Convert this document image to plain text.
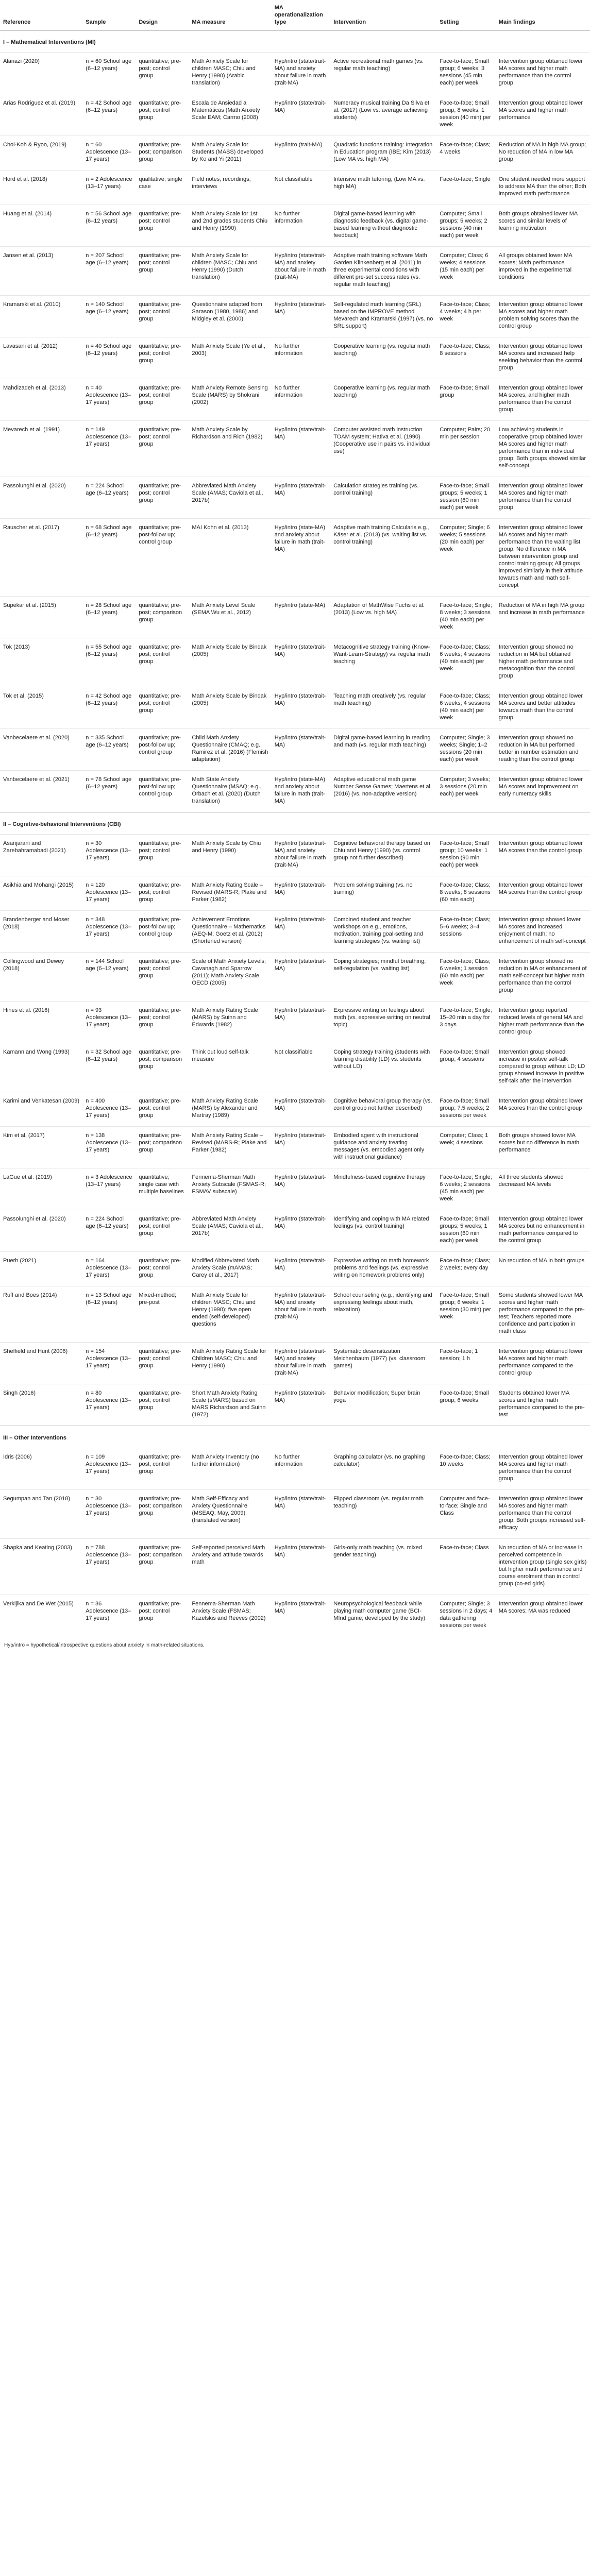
Reference	Sample	Design	MA measure	MA operationalization type	Intervention	Setting	Main findings
I – Mathematical Interventions (MI)							
Alanazi (2020)	n = 60 School age (6–12 years)	quantitative; pre-post; control group	Math Anxiety Scale for children MASC; Chiu and Henry (1990) (Arabic translation)	Hyp/intro (state/trait-MA) and anxiety about failure in math (trait-MA)	Active recreational math games (vs. regular math teaching)	Face-to-face; Small group; 6 weeks; 3 sessions (45 min each) per week	Intervention group obtained lower MA scores and higher math performance than the control group
Arias Rodriguez et al. (2019)	n = 42 School age (6–12 years)	quantitative; pre-post; control group	Escala de Ansiedad a Matemáticas (Math Anxiety Scale EAM; Carmo (2008)	Hyp/intro (state/trait-MA)	Numeracy musical training Da Silva et al. (2017) (Low vs. average achieving students)	Face-to-face; Small group; 8 weeks; 1 session (40 min) per week	Intervention group obtained lower MA scores and higher math performance
Choi-Koh & Ryoo, (2019)	n = 60 Adolescence (13–17 years)	quantitative; pre-post; comparison group	Math Anxiety Scale for Students (MASS) developed by Ko and Yi (2011)	Hyp/intro (trait-MA)	Quadratic functions training: Integration in Education program (IBE; Kim (2013) (Low MA vs. high MA)	Face-to-face; Class; 4 weeks	Reduction of MA in high MA group; No reduction of MA in low MA group
Hord et al. (2018)	n = 2 Adolescence (13–17 years)	qualitative; single case	Field notes, recordings; interviews	Not classifiable	Intensive math tutoring; (Low MA vs. high MA)	Face-to-face; Single	One student needed more support to address MA than the other; Both improved math performance
Huang et al. (2014)	n = 56 School age (6–12 years)	quantitative; pre-post; control group	Math Anxiety Scale for 1st and 2nd grades students Chiu and Henry (1990)	No further information	Digital game-based learning with diagnostic feedback (vs. digital game-based learning without diagnostic feedback)	Computer; Small groups; 5 weeks; 2 sessions (40 min each) per week	Both groups obtained lower MA scores and similar levels of learning motivation
Jansen et al. (2013)	n = 207 School age (6–12 years)	quantitative; pre-post; control group	Math Anxiety Scale for children (MASC; Chiu and Henry (1990) (Dutch translation)	Hyp/intro (state/trait-MA) and anxiety about failure in math (trait-MA)	Adaptive math training software Math Garden Klinkenberg et al. (2011) in three experimental conditions with different pre-set success rates (vs. regular math teaching)	Computer; Class; 6 weeks; 4 sessions (15 min each) per week	All groups obtained lower MA scores; Math performance improved in the experimental conditions
Kramarski et al. (2010)	n = 140 School age (6–12 years)	quantitative; pre-post; control group	Questionnaire adapted from Sarason (1980, 1986) and Midgley et al. (2000)	Hyp/intro (state/trait-MA)	Self-regulated math learning (SRL) based on the IMPROVE method Mevarech and Kramarski (1997) (vs. no SRL support)	Face-to-face; Class; 4 weeks; 4 h per week	Intervention group obtained lower MA scores and higher math problem solving scores than the control group
Lavasani et al. (2012)	n = 40 School age (6–12 years)	quantitative; pre-post; control group	Math Anxiety Scale (Ye et al., 2003)	No further information	Cooperative learning (vs. regular math teaching)	Face-to-face; Class; 8 sessions	Intervention group obtained lower MA scores and increased help seeking behavior than the control group
Mahdizadeh et al. (2013)	n = 40 Adolescence (13–17 years)	quantitative; pre-post; control group	Math Anxiety Remote Sensing Scale (MARS) by Shokrani (2002)	No further information	Cooperative learning (vs. regular math teaching)	Face-to-face; Small group	Intervention group obtained lower MA scores, and higher math performance than the control group
Mevarech et al. (1991)	n = 149 Adolescence (13–17 years)	quantitative; pre-post; control group	Math Anxiety Scale by Richardson and Rich (1982)	Hyp/intro (state/trait-MA)	Computer assisted math instruction TOAM system; Hativa et al. (1990) (Cooperative use in pairs vs. individual use)	Computer; Pairs; 20 min per session	Low achieving students in cooperative group obtained lower MA scores and higher math performance than in individual group; Both groups showed similar self-concept
Passolunghi et al. (2020)	n = 224 School age (6–12 years)	quantitative; pre-post; control group	Abbreviated Math Anxiety Scale (AMAS; Caviola et al., 2017b)	Hyp/intro (state/trait-MA)	Calculation strategies training (vs. control training)	Face-to-face; Small groups; 5 weeks; 1 session (60 min each) per week	Intervention group obtained lower MA scores and higher math performance than the control group
Rauscher et al. (2017)	n = 68 School age (6–12 years)	quantitative; pre-post-follow up; control group	MAI Kohn et al. (2013)	Hyp/intro (state-MA) and anxiety about failure in math (trait-MA)	Adaptive math training Calcularis e.g., Käser et al. (2013) (vs. waiting list vs. control training)	Computer; Single; 6 weeks; 5 sessions (20 min each) per week	Intervention group obtained lower MA scores and higher math performance than the waiting list group; No difference in MA between intervention group and control training group; All groups improved similarly in their attitude towards math and math self-concept
Supekar et al. (2015)	n = 28 School age (6–12 years)	quantitative; pre-post; comparison group	Math Anxiety Level Scale (SEMA Wu et al., 2012)	Hyp/intro (state-MA)	Adaptation of MathWise Fuchs et al. (2013) (Low vs. high MA)	Face-to-face; Single; 8 weeks; 3 sessions (40 min each) per week	Reduction of MA in high MA group and increase in math performance
Tok (2013)	n = 55 School age (6–12 years)	quantitative; pre-post; control group	Math Anxiety Scale by Bindak (2005)	Hyp/intro (state/trait-MA)	Metacognitive strategy training (Know-Want-Learn-Strategy) vs. regular math teaching	Face-to-face; Class; 6 weeks; 4 sessions (40 min each) per week	Intervention group showed no reduction in MA but obtained higher math performance and metacognition than the control group
Tok et al. (2015)	n = 42 School age (6–12 years)	quantitative; pre-post; control group	Math Anxiety Scale by Bindak (2005)	Hyp/intro (state/trait-MA)	Teaching math creatively (vs. regular math teaching)	Face-to-face; Class; 6 weeks; 4 sessions (40 min each) per week	Intervention group obtained lower MA scores and better attitudes towards math than the control group
Vanbecelaere et al. (2020)	n = 335 School age (6–12 years)	quantitative; pre-post-follow up; control group	Child Math Anxiety Questionnaire (CMAQ; e.g., Ramirez et al. (2016) (Flemish adaptation)	Hyp/intro (state/trait-MA)	Digital game-based learning in reading and math (vs. regular math teaching)	Computer; Single; 3 weeks; Single; 1–2 sessions (20 min each) per week	Intervention group showed no reduction in MA but performed better in number estimation and reading than the control group
Vanbecelaere et al. (2021)	n = 78 School age (6–12 years)	quantitative; pre-post-follow up; control group	Math State Anxiety Questionnaire (MSAQ; e.g., Orbach et al. (2020) (Dutch translation)	Hyp/intro (state-MA) and anxiety about failure in math (trait-MA)	Adaptive educational math game Number Sense Games; Maertens et al. (2016) (vs. non-adaptive version)	Computer; 3 weeks; 3 sessions (20 min each) per week	Intervention group obtained lower MA scores and improvement on early numeracy skills
II – Cognitive-behavioral Interventions (CBI)							
Asanjarani and Zarebahramabadi (2021)	n = 30 Adolescence (13–17 years)	quantitative; pre-post; control group	Math Anxiety Scale by Chiu and Henry (1990)	Hyp/intro (state/trait-MA) and anxiety about failure in math (trait-MA)	Cognitive behavioral therapy based on Chiu and Henry (1990) (vs. control group not further described)	Face-to-face; Small group; 10 weeks; 1 session (90 min each) per week	Intervention group obtained lower MA scores than the control group
Asikhia and Mohangi (2015)	n = 120 Adolescence (13–17 years)	quantitative; pre-post; control group	Math Anxiety Rating Scale – Revised (MARS-R; Plake and Parker (1982)	Hyp/intro (state/trait-MA)	Problem solving training (vs. no training)	Face-to-face; Class; 8 weeks; 8 sessions (60 min each)	Intervention group obtained lower MA scores than the control group
Brandenberger and Moser (2018)	n = 348 Adolescence (13–17 years)	quantitative; pre-post-follow up; control group	Achievement Emotions Questionnaire – Mathematics (AEQ-M; Goetz et al. (2012) (Shortened version)	Hyp/intro (state/trait-MA)	Combined student and teacher workshops on e.g., emotions, motivation, training goal-setting and learning strategies (vs. waiting list)	Face-to-face; Class; 5–6 weeks; 3–4 sessions	Intervention group showed lower MA scores and increased enjoyment of math; no enhancement of math self-concept
Collingwood and Dewey (2018)	n = 144 School age (6–12 years)	quantitative; pre-post; control group	Scale of Math Anxiety Levels; Cavanagh and Sparrow (2011); Math Anxiety Scale OECD (2005)	Hyp/intro (state/trait-MA)	Coping strategies; mindful breathing; self-regulation (vs. waiting list)	Face-to-face; Class; 6 weeks; 1 session (60 min each) per week	Intervention group showed no reduction in MA or enhancement of math self-concept but higher math performance than the control group
Hines et al. (2016)	n = 93 Adolescence (13–17 years)	quantitative; pre-post; control group	Math Anxiety Rating Scale (MARS) by Suinn and Edwards (1982)	Hyp/intro (state/trait-MA)	Expressive writing on feelings about math (vs. expressive writing on neutral topic)	Face-to-face; Single; 15–20 min a day for 3 days	Intervention group reported reduced levels of general MA and higher math performance than the control group
Kamann and Wong (1993)	n = 32 School age (6–12 years)	quantitative; pre-post; comparison group	Think out loud self-talk measure	Not classifiable	Coping strategy training (students with learning disability (LD) vs. students without LD)	Face-to-face; Small group; 4 sessions	Intervention group showed increase in positive self-talk compared to group without LD; LD group showed increase in positive self-talk after the intervention
Karimi and Venkatesan (2009)	n = 400 Adolescence (13–17 years)	quantitative; pre-post; control group	Math Anxiety Rating Scale (MARS) by Alexander and Martray (1989)	Hyp/intro (state/trait-MA)	Cognitive behavioral group therapy (vs. control group not further described)	Face-to-face; Small group; 7.5 weeks; 2 sessions per week	Intervention group obtained lower MA scores than the control group
Kim et al. (2017)	n = 138 Adolescence (13–17 years)	quantitative; pre-post; comparison group	Math Anxiety Rating Scale – Revised (MARS-R; Plake and Parker (1982)	Hyp/intro (state/trait-MA)	Embodied agent with instructional guidance and anxiety treating messages (vs. embodied agent only with instructional guidance)	Computer; Class; 1 week; 4 sessions	Both groups showed lower MA scores but no difference in math performance
LaGue et al. (2019)	n = 3 Adolescence (13–17 years)	quantitative; single case with multiple baselines	Fennema-Sherman Math Anxiety Subscale (FSMAS-R; FSMAV subscale)	Hyp/intro (state/trait-MA)	Mindfulness-based cognitive therapy	Face-to-face; Single; 6 weeks; 2 sessions (45 min each) per week	All three students showed decreased MA levels
Passolunghi et al. (2020)	n = 224 School age (6–12 years)	quantitative; pre-post; control group	Abbreviated Math Anxiety Scale (AMAS; Caviola et al., 2017b)	Hyp/intro (state/trait-MA)	Identifying and coping with MA related feelings (vs. control training)	Face-to-face; Small groups; 5 weeks; 1 session (60 min each) per week	Intervention group obtained lower MA scores but no enhancement in math performance compared to the control group
Puerh (2021)	n = 164 Adolescence (13–17 years)	quantitative; pre-post; control group	Modified Abbreviated Math Anxiety Scale (mAMAS; Carey et al., 2017)	Hyp/intro (state/trait-MA)	Expressive writing on math homework problems and feelings (vs. expressive writing on homework problems only)	Face-to-face; Class; 2 weeks; every day	No reduction of MA in both groups
Ruff and Boes (2014)	n = 13 School age (6–12 years)	Mixed-method; pre-post	Math Anxiety Scale for children MASC; Chiu and Henry (1990); five open ended (self-developed) questions	Hyp/intro (state/trait-MA) and anxiety about failure in math (trait-MA)	School counseling (e.g., identifying and expressing feelings about math, relaxation)	Face-to-face; Small group; 6 weeks; 1 session (30 min) per week	Some students showed lower MA scores and higher math performance compared to the pre-test; Teachers reported more confidence and participation in math class
Sheffield and Hunt (2006)	n = 154 Adolescence (13–17 years)	quantitative; pre-post; control group	Math Anxiety Rating Scale for Children MASC; Chiu and Henry (1990)	Hyp/intro (state/trait-MA) and anxiety about failure in math (trait-MA)	Systematic desensitization Meichenbaum (1977) (vs. classroom games)	Face-to-face; 1 session; 1 h	Intervention group obtained lower MA scores and higher math performance compared to the control group
Singh (2016)	n = 80 Adolescence (13–17 years)	quantitative; pre-post; control group	Short Math Anxiety Rating Scale (sMARS) based on MARS Richardson and Suinn (1972)	Hyp/intro (state/trait-MA)	Behavior modification; Super brain yoga	Face-to-face; Small group; 6 weeks	Students obtained lower MA scores and higher math performance compared to the pre-test
III – Other Interventions							
Idris (2006)	n = 109 Adolescence (13–17 years)	quantitative; pre-post; control group	Math Anxiety Inventory (no further information)	No further information	Graphing calculator (vs. no graphing calculator)	Face-to-face; Class; 10 weeks	Intervention group obtained lower MA scores and higher math performance than the control group
Segumpan and Tan (2018)	n = 30 Adolescence (13–17 years)	quantitative; pre-post; comparison group	Math Self-Efficacy and Anxiety Questionnaire (MSEAQ; May, 2009) (translated version)	Hyp/intro (state/trait-MA)	Flipped classroom (vs. regular math teaching)	Computer and face-to-face; Single and Class	Intervention group obtained lower MA scores and higher math performance than the control group; Both groups increased self-efficacy
Shapka and Keating (2003)	n = 788 Adolescence (13–17 years)	quantitative; pre-post; comparison group	Self-reported perceived Math Anxiety and attitude towards math	Hyp/intro (state/trait-MA)	Girls-only math teaching (vs. mixed gender teaching)	Face-to-face; Class	No reduction of MA or increase in perceived competence in intervention group (single sex girls) but higher math performance and course enrolment than in control group (co-ed girls)
Verkijika and De Wet (2015)	n = 36 Adolescence (13–17 years)	quantitative; pre-post; control group	Fennema-Sherman Math Anxiety Scale (FSMAS; Kazelskis and Reeves (2002)	Hyp/intro (state/trait-MA)	Neuropsychological feedback while playing math computer game (BCI-MInd game; developed by the study)	Computer; Single; 3 sessions in 2 days; 4 data gathering sessions per week	Intervention group obtained lower MA scores; MA was reduced
Hyp/intro = hypothetical/introspective questions about anxiety in math-related situations.
